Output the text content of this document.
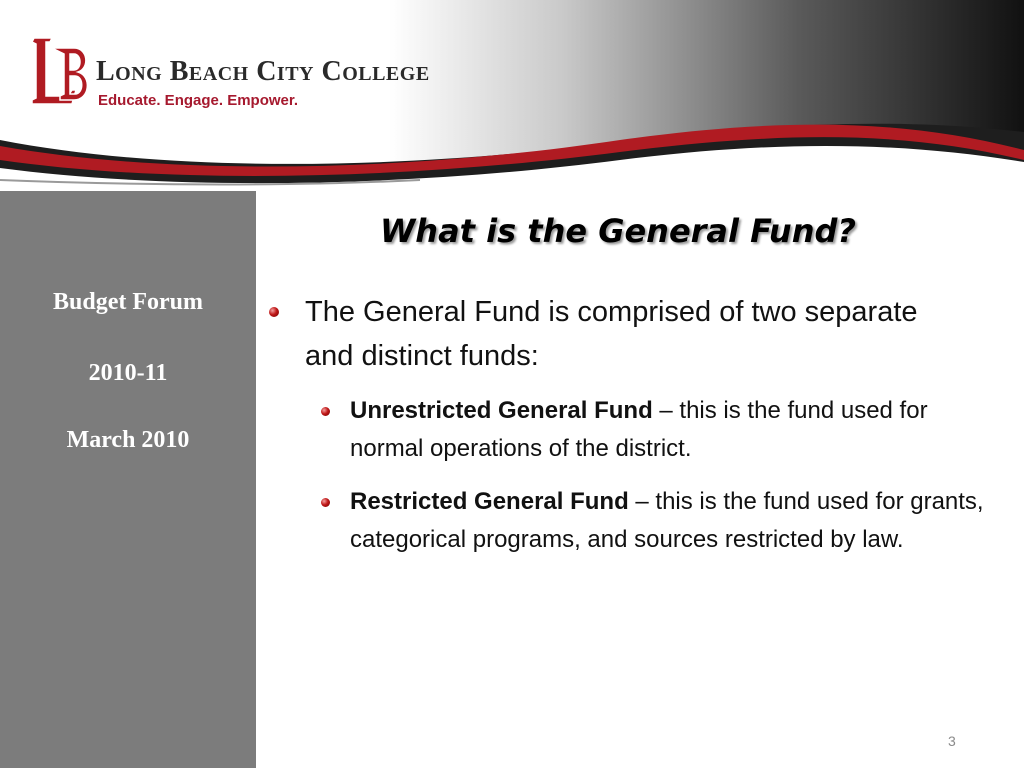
Long Beach City College
Educate. Engage. Empower.
Budget Forum
2010-11
March 2010
What is the General Fund?
The General Fund is comprised of two separate and distinct funds:
Unrestricted General Fund – this is the fund used for normal operations of the district.
Restricted General Fund – this is the fund used for grants, categorical programs, and sources restricted by law.
3
